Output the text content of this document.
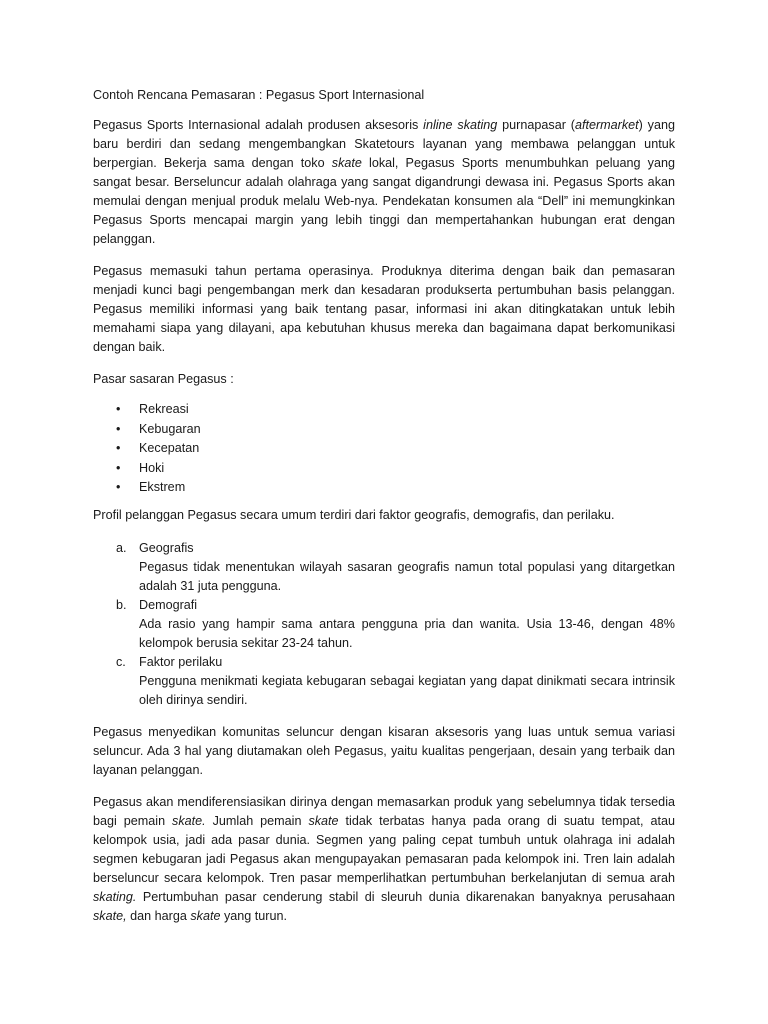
Contoh Rencana Pemasaran : Pegasus Sport Internasional

Pegasus Sports Internasional adalah produsen aksesoris inline skating purnapasar (aftermarket) yang baru berdiri dan sedang mengembangkan Skatetours layanan yang membawa pelanggan untuk berpergian. Bekerja sama dengan toko skate lokal, Pegasus Sports menumbuhkan peluang yang sangat besar. Berseluncur adalah olahraga yang sangat digandrungi dewasa ini. Pegasus Sports akan memulai dengan menjual produk melalu Web-nya. Pendekatan konsumen ala “Dell” ini memungkinkan Pegasus Sports mencapai margin yang lebih tinggi dan mempertahankan hubungan erat dengan pelanggan.

Pegasus memasuki tahun pertama operasinya. Produknya diterima dengan baik dan pemasaran menjadi kunci bagi pengembangan merk dan kesadaran produkserta pertumbuhan basis pelanggan. Pegasus memiliki informasi yang baik tentang pasar, informasi ini akan ditingkatakan untuk lebih memahami siapa yang dilayani, apa kebutuhan khusus mereka dan bagaimana dapat berkomunikasi dengan baik.

Pasar sasaran Pegasus :

• Rekreasi
• Kebugaran
• Kecepatan
• Hoki
• Ekstrem

Profil pelanggan Pegasus secara umum terdiri dari faktor geografis, demografis, dan perilaku.

a. Geografis
Pegasus tidak menentukan wilayah sasaran geografis namun total populasi yang ditargetkan adalah 31 juta pengguna.
b. Demografi
Ada rasio yang hampir sama antara pengguna pria dan wanita. Usia 13-46, dengan 48% kelompok berusia sekitar 23-24 tahun.
c. Faktor perilaku
Pengguna menikmati kegiata kebugaran sebagai kegiatan yang dapat dinikmati secara intrinsik oleh dirinya sendiri.

Pegasus menyedikan komunitas seluncur dengan kisaran aksesoris yang luas untuk semua variasi seluncur. Ada 3 hal yang diutamakan oleh Pegasus, yaitu kualitas pengerjaan, desain yang terbaik dan layanan pelanggan.

Pegasus akan mendiferensiasikan dirinya dengan memasarkan produk yang sebelumnya tidak tersedia bagi pemain skate. Jumlah pemain skate tidak terbatas hanya pada orang di suatu tempat, atau kelompok usia, jadi ada pasar dunia. Segmen yang paling cepat tumbuh untuk olahraga ini adalah segmen kebugaran jadi Pegasus akan mengupayakan pemasaran pada kelompok ini. Tren lain adalah berseluncur secara kelompok. Tren pasar memperlihatkan pertumbuhan berkelanjutan di semua arah skating. Pertumbuhan pasar cenderung stabil di sleuruh dunia dikarenakan banyaknya perusahaan skate, dan harga skate yang turun.
